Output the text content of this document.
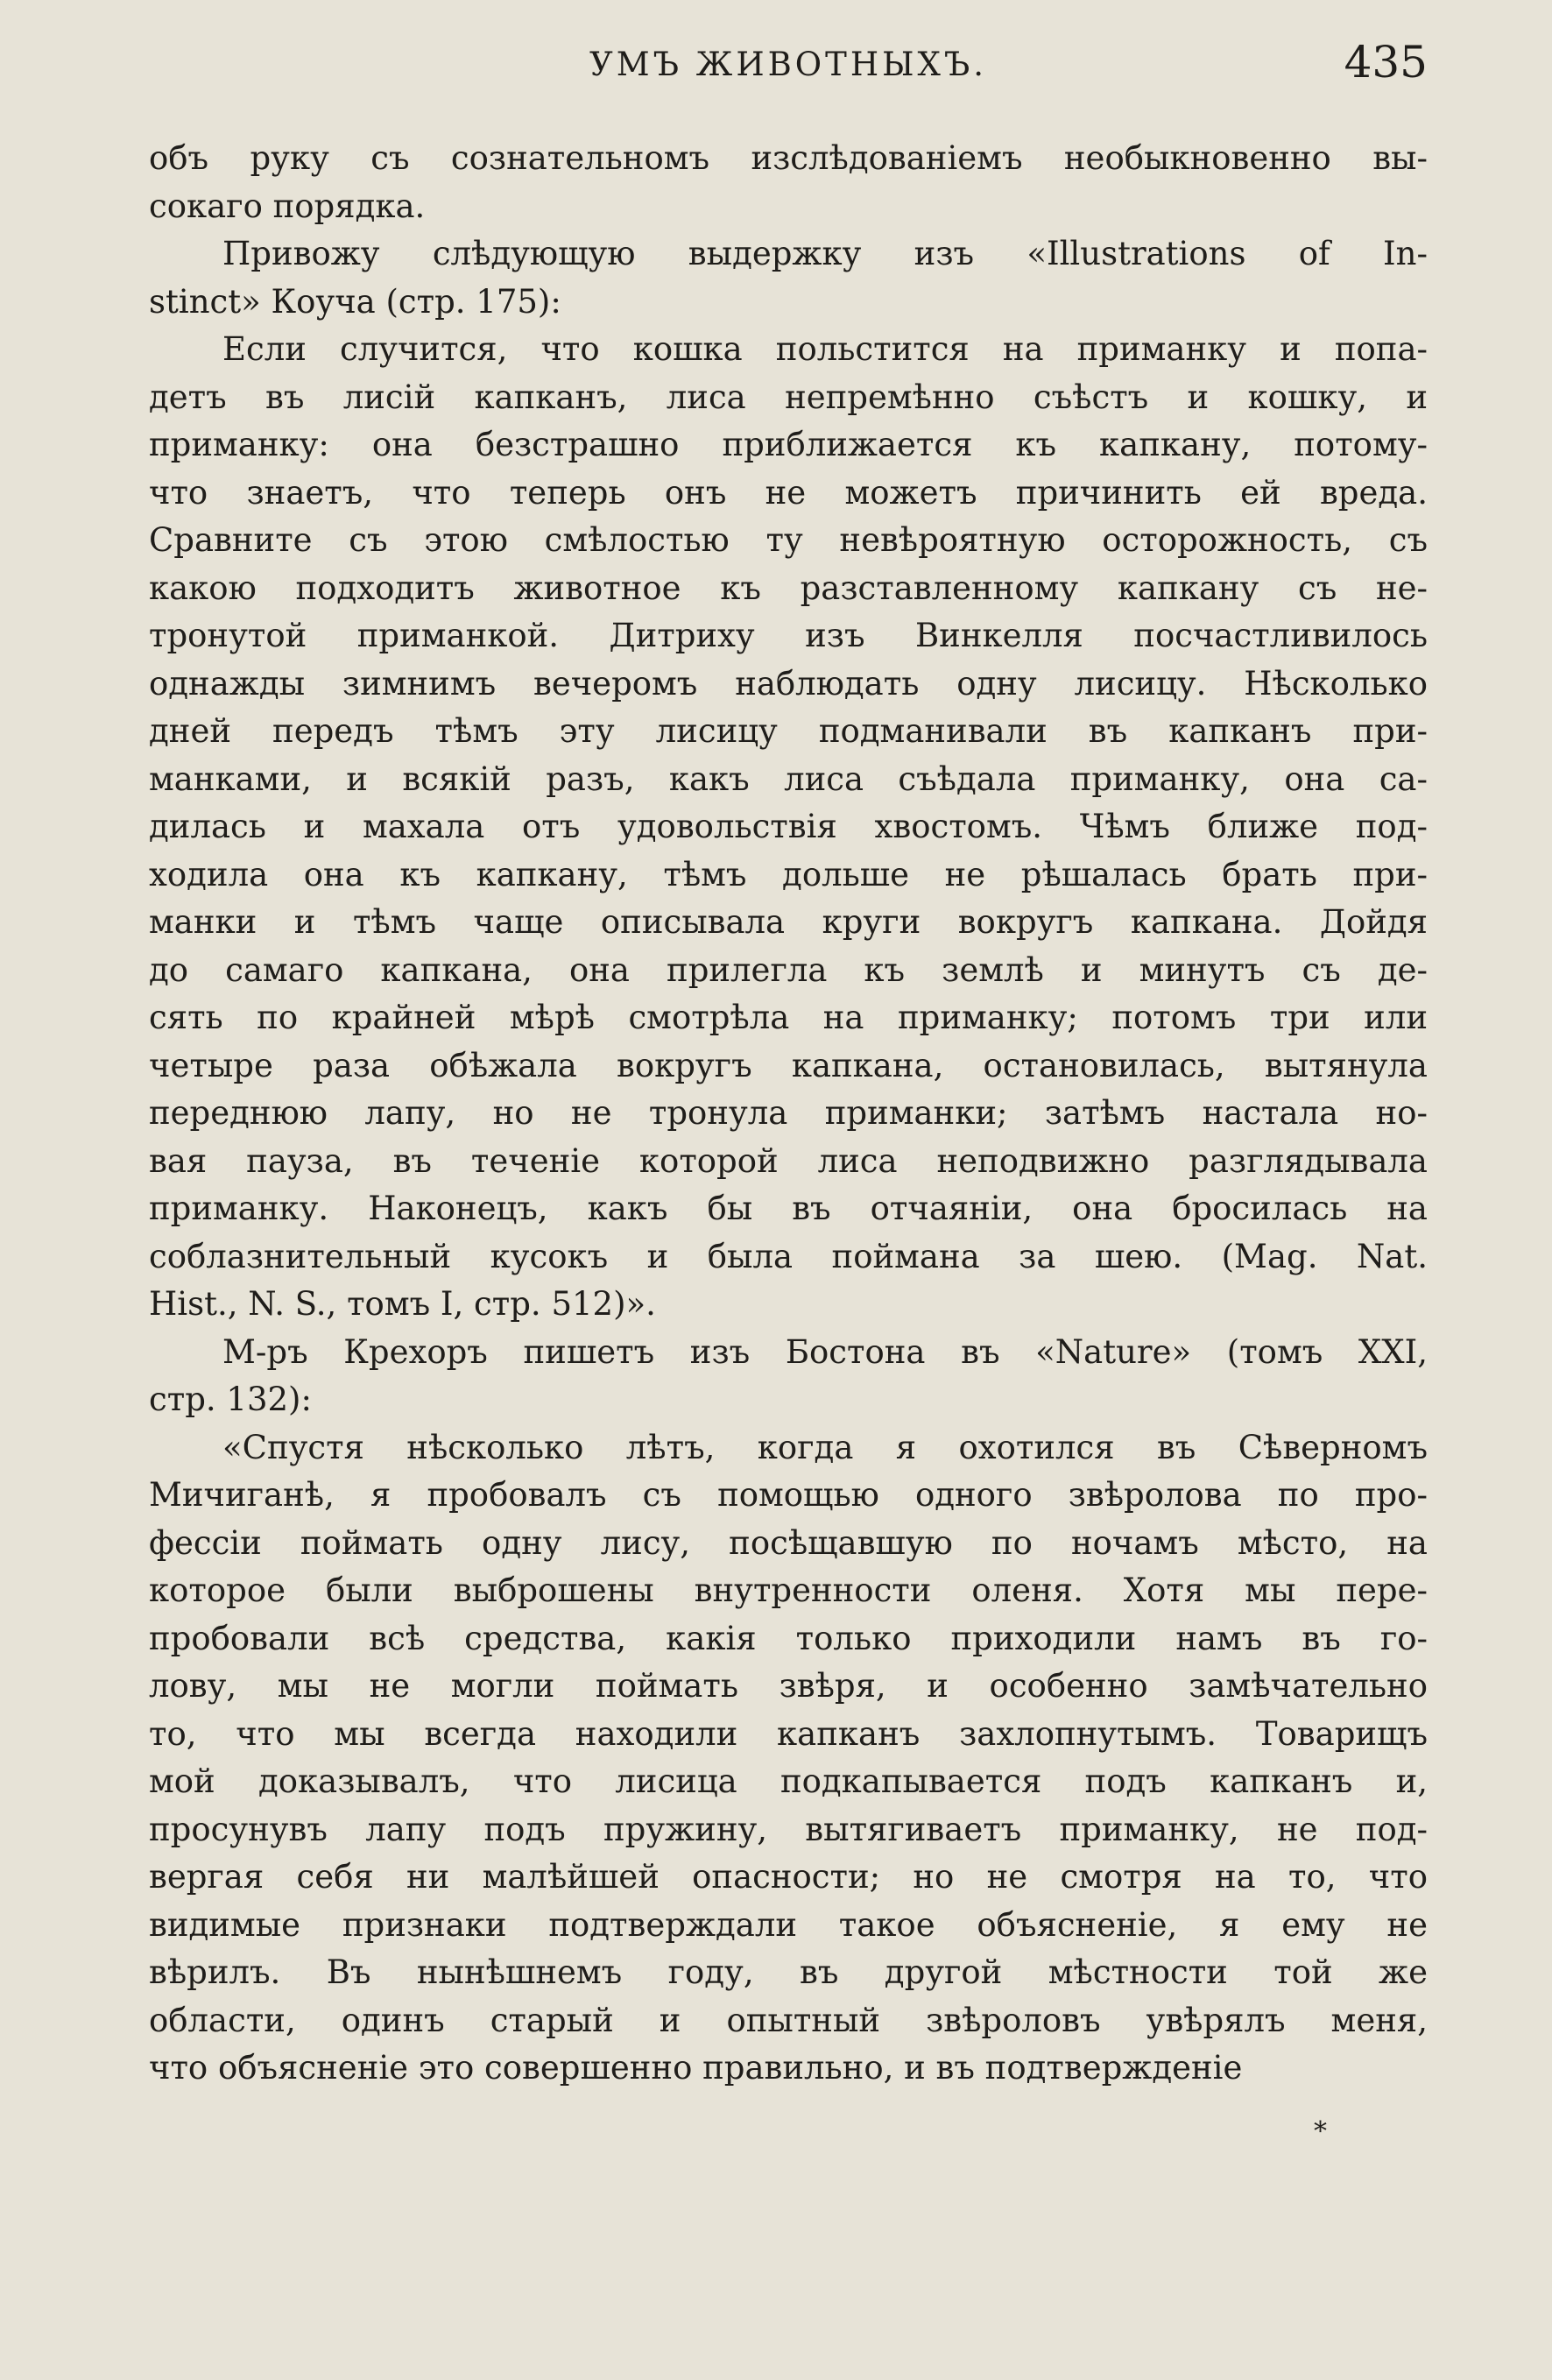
УМЪ ЖИВОТНЫХЪ.	435
объ руку съ сознательномъ изслѣдованіемъ необыкновенно вы-
сокаго порядка.
Привожу слѣдующую выдержку изъ «Illustrations of In-
stinct» Коуча (стр. 175):
Если случится, что кошка польстится на приманку и попа-
детъ въ лисій капканъ, лиса непремѣнно съѣстъ и кошку, и
приманку: она безстрашно приближается къ капкану, потому-
что знаетъ, что теперь онъ не можетъ причинить ей вреда.
Сравните съ этою смѣлостью ту невѣроятную осторожность, съ
какою подходитъ животное къ разставленному капкану съ не-
тронутой приманкой. Дитриху изъ Винкелля посчастливилось
однажды зимнимъ вечеромъ наблюдать одну лисицу. Нѣсколько
дней передъ тѣмъ эту лисицу подманивали въ капканъ при-
манками, и всякій разъ, какъ лиса съѣдала приманку, она са-
дилась и махала отъ удовольствія хвостомъ. Чѣмъ ближе под-
ходила она къ капкану, тѣмъ дольше не рѣшалась брать при-
манки и тѣмъ чаще описывала круги вокругъ капкана. Дойдя
до самаго капкана, она прилегла къ землѣ и минутъ съ де-
сять по крайней мѣрѣ смотрѣла на приманку; потомъ три или
четыре раза обѣжала вокругъ капкана, остановилась, вытянула
переднюю лапу, но не тронула приманки; затѣмъ настала но-
вая пауза, въ теченіе которой лиса неподвижно разглядывала
приманку. Наконецъ, какъ бы въ отчаяніи, она бросилась на
соблазнительный кусокъ и была поймана за шею. (Mag. Nat.
Hist., N. S., томъ I, стр. 512)».
М-ръ Крехоръ пишетъ изъ Бостона въ «Nature» (томъ XXI,
стр. 132):
«Спустя нѣсколько лѣтъ, когда я охотился въ Сѣверномъ
Мичиганѣ, я пробовалъ съ помощью одного звѣролова по про-
фессіи поймать одну лису, посѣщавшую по ночамъ мѣсто, на
которое были выброшены внутренности оленя. Хотя мы пере-
пробовали всѣ средства, какія только приходили намъ въ го-
лову, мы не могли поймать звѣря, и особенно замѣчательно
то, что мы всегда находили капканъ захлопнутымъ. Товарищъ
мой доказывалъ, что лисица подкапывается подъ капканъ и,
просунувъ лапу подъ пружину, вытягиваетъ приманку, не под-
вергая себя ни малѣйшей опасности; но не смотря на то, что
видимые признаки подтверждали такое объясненіе, я ему не
вѣрилъ. Въ нынѣшнемъ году, въ другой мѣстности той же
области, одинъ старый и опытный звѣроловъ увѣрялъ меня,
что объясненіе это совершенно правильно, и въ подтвержденіе
*
